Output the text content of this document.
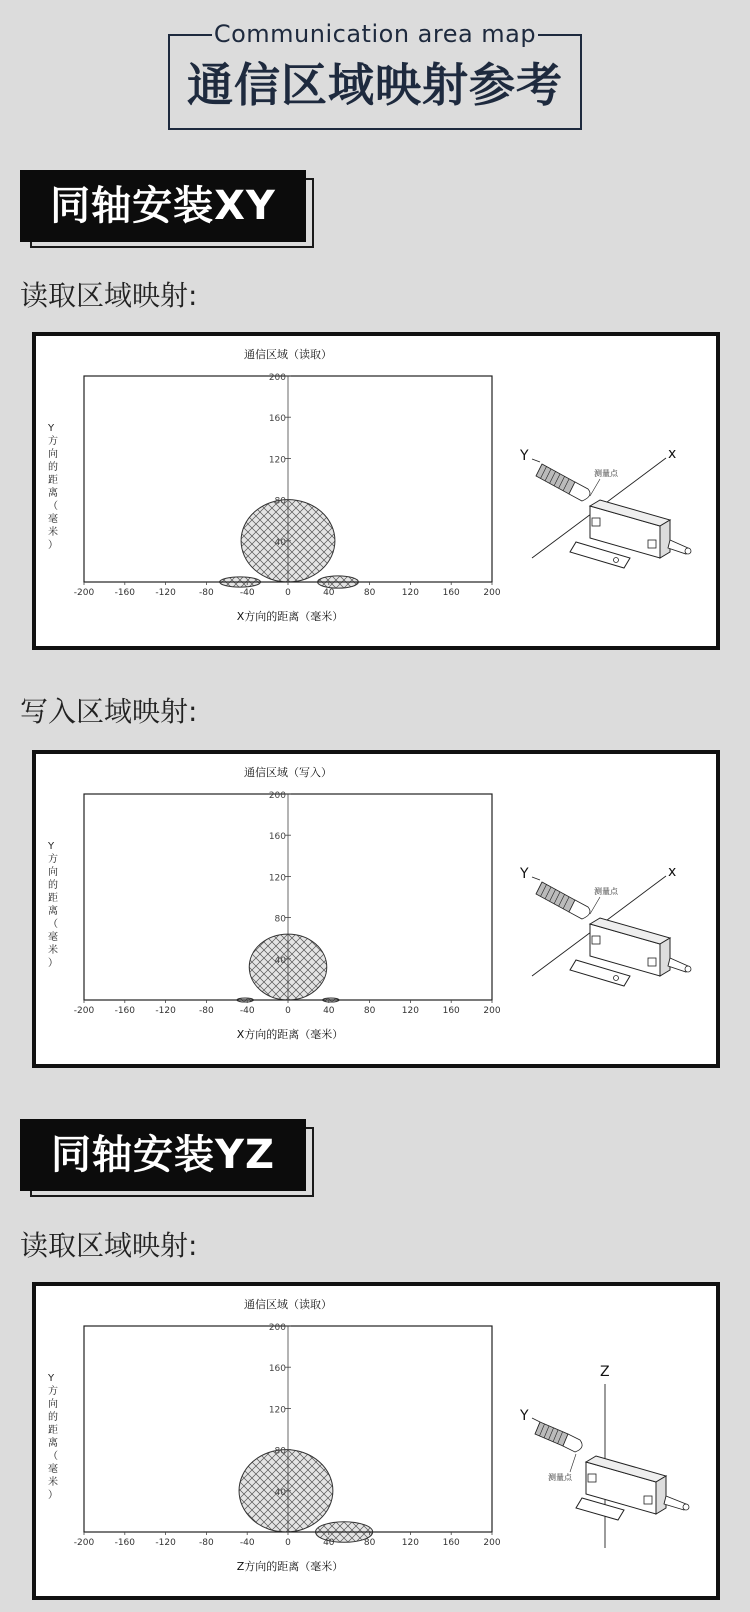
Communication area map
通信区域映射参考
同轴安装XY
读取区域映射:
通信区域（读取）
40
80
120
160
200
-200 -160 -120	-80	-40	0	40	80	120	160	200
X方向的距离（毫米）
Y 方向的距离（毫米）
Y	x
测量点
写入区域映射:
通信区域（写入）
40
80
120
160
200
-200 -160 -120	-80	-40	0	40	80	120	160	200
X方向的距离（毫米）
Y 方向的距离（毫米）
Y	x
测量点
同轴安装YZ
读取区域映射:
通信区域（读取）
40
80
120
160
200
-200 -160 -120	-80	-40	0	40	80	120	160	200
Z方向的距离（毫米）
Y 方向的距离（毫米）
Z
Y
测量点
